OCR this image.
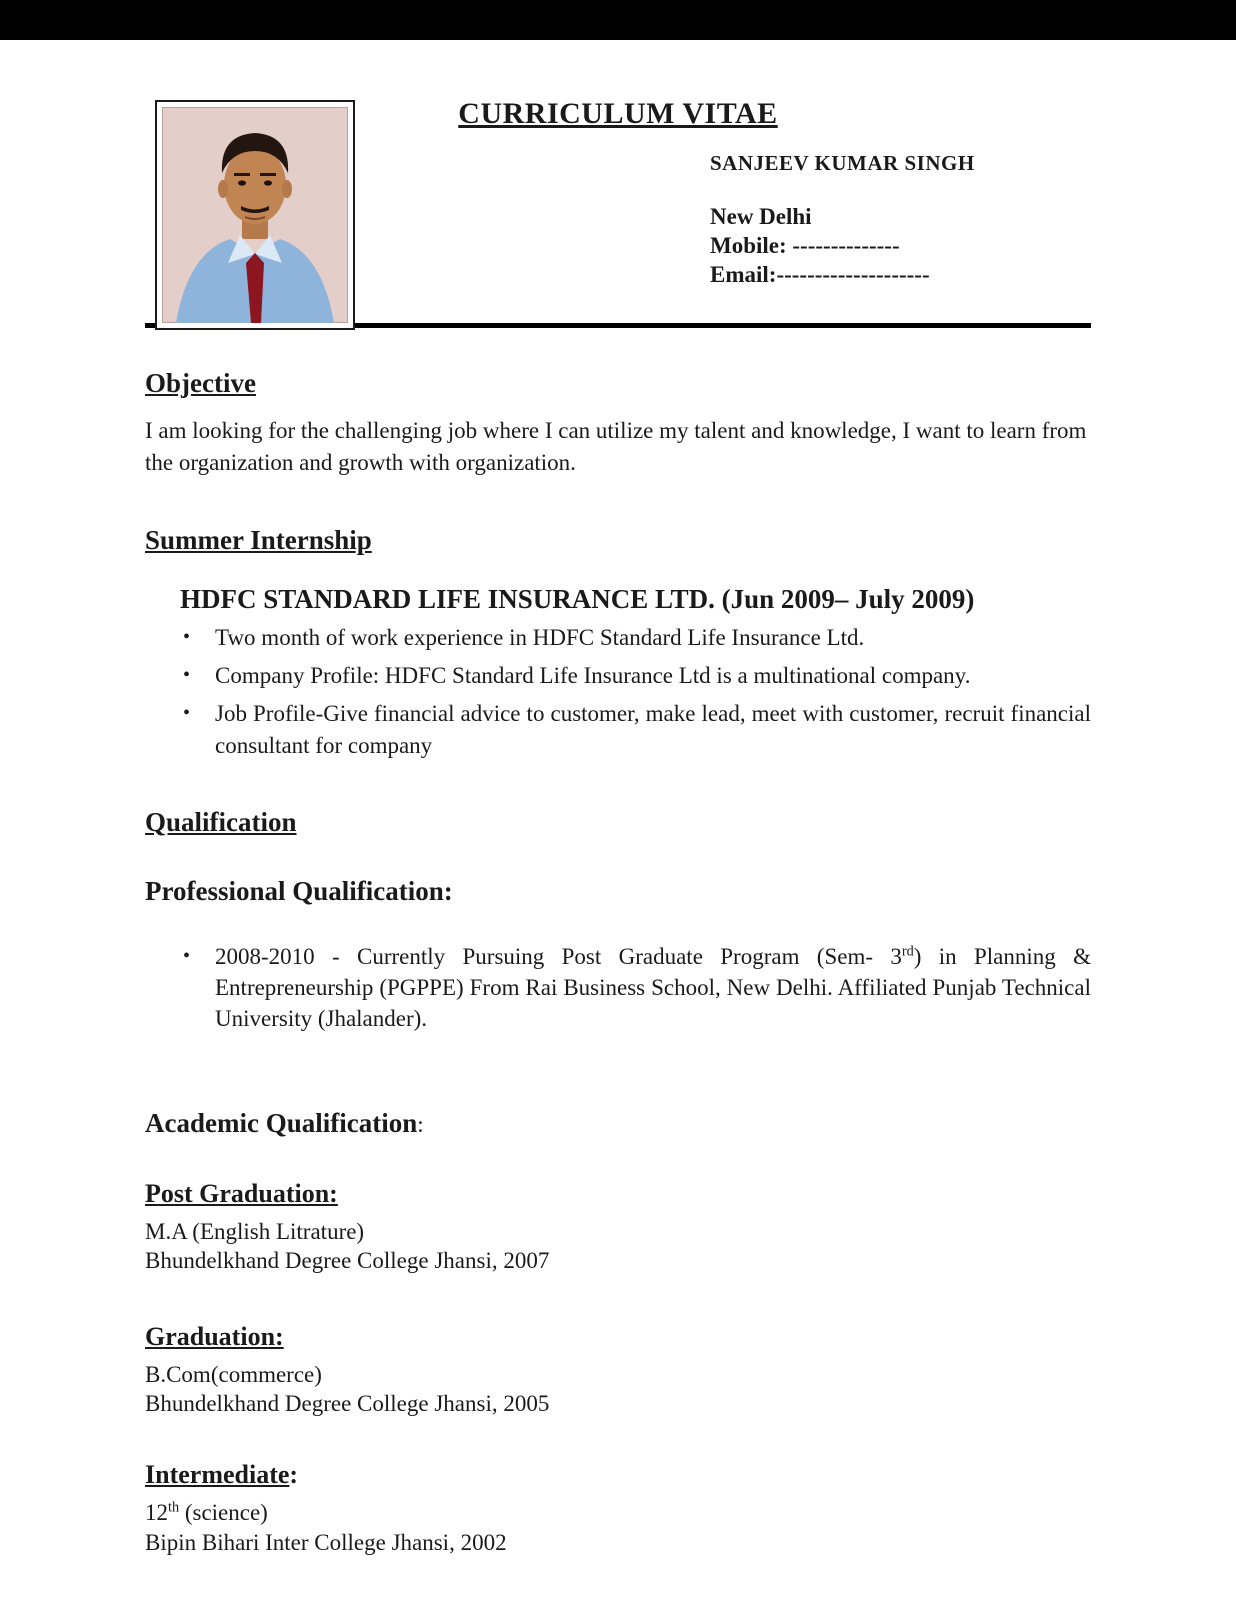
CURRICULUM VITAE
SANJEEV KUMAR SINGH
New Delhi
Mobile: --------------
Email:--------------------
Objective

I am looking for the challenging job where I can utilize my talent and knowledge, I want to learn from the organization and growth with organization.

Summer Internship
HDFC STANDARD LIFE INSURANCE LTD. (Jun 2009– July 2009)
•	Two month of work experience in HDFC Standard Life Insurance Ltd.
•	Company Profile: HDFC Standard Life Insurance Ltd is a multinational company.
•	Job Profile-Give financial advice to customer, make lead, meet with customer, recruit financial consultant for company
Qualification
Professional Qualification:
•	2008-2010 - Currently Pursuing Post Graduate Program (Sem- 3rd) in Planning & Entrepreneurship (PGPPE) From Rai Business School, New Delhi. Affiliated Punjab Technical University (Jhalander).
Academic Qualification:
Post Graduation:
M.A (English Litrature)
Bhundelkhand Degree College Jhansi, 2007
Graduation:
B.Com(commerce)
Bhundelkhand Degree College Jhansi, 2005
Intermediate:
12th (science)
Bipin Bihari Inter College Jhansi, 2002
